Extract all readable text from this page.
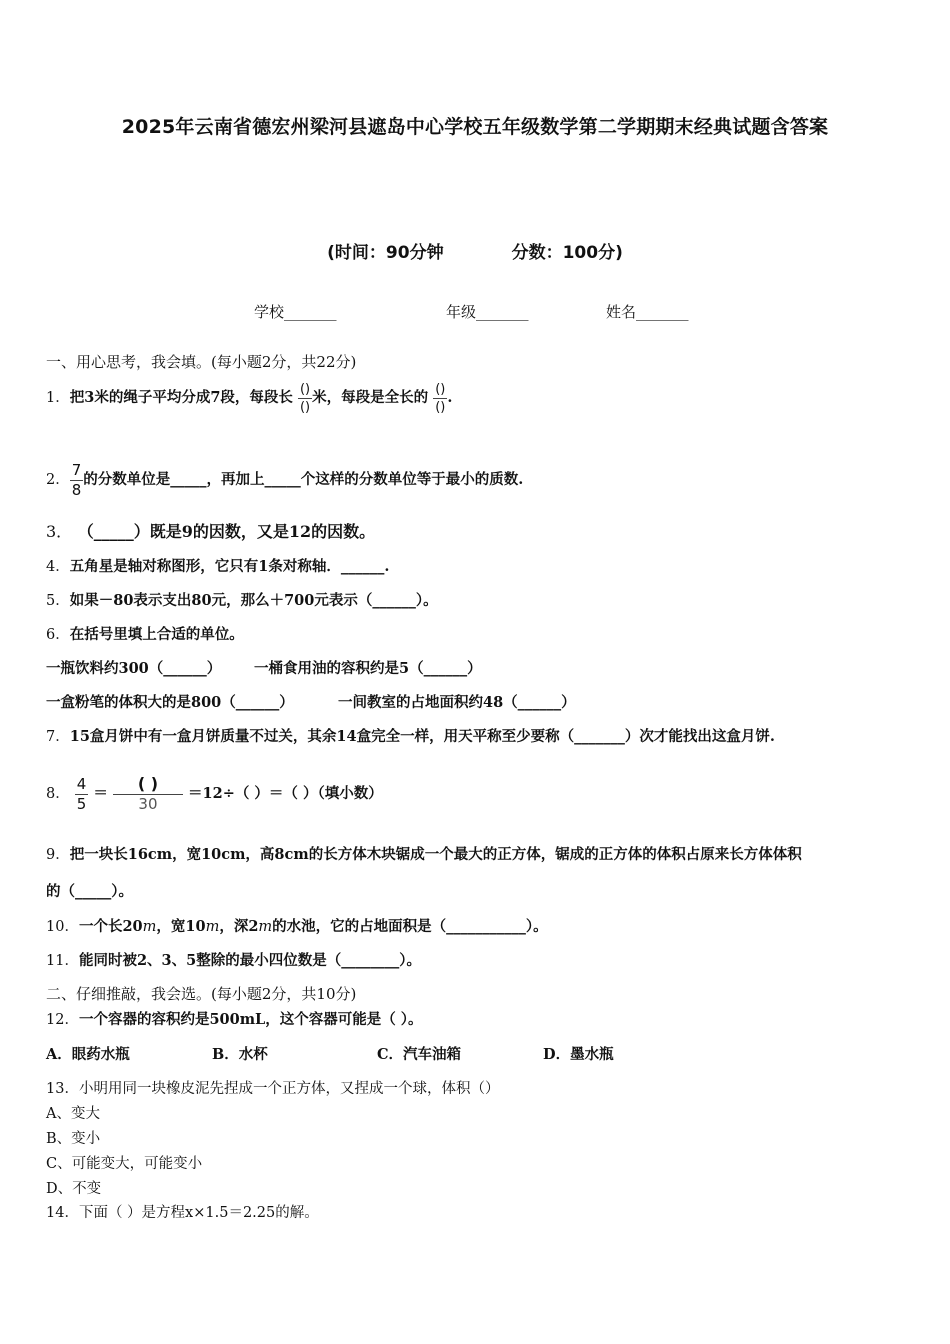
2025年云南省德宏州梁河县遮岛中心学校五年级数学第二学期期末经典试题含答案
(时间：90分钟	分数：100分)
学校_______	年级_______	姓名_______
一、用心思考，我会填。(每小题2分，共22分)
1．把3米的绳子平均分成7段，每段长 $\frac{()}{()}$ 米，每段是全长的 $\frac{()}{()}$ .
2． $\frac{7}{8}$ 的分数单位是_____，再加上_____个这样的分数单位等于最小的质数.
3． （_____）既是9的因数，又是12的因数。
4．五角星是轴对称图形，它只有1条对称轴．______.
5．如果－80表示支出80元，那么＋700元表示（______）。
6．在括号里填上合适的单位。
一瓶饮料约300（______） 一桶食用油的容积约是5（______）
一盒粉笔的体积大的是800（______）	一间教室的占地面积约48（______）
7．15盒月饼中有一盒月饼质量不过关，其余14盒完全一样，用天平称至少要称（_______）次才能找出这盒月饼.
8． $\frac{4}{5} = \frac{( )}{30} =12\div$（ ）＝（ ）（填小数）
9．把一块长16cm，宽10cm，高8cm的长方体木块锯成一个最大的正方体，锯成的正方体的体积占原来长方体体积
的（_____）。
10．一个长20m，宽10m，深2m的水池，它的占地面积是（___________）。
11．能同时被2、3、5整除的最小四位数是（________）。
二、仔细推敲，我会选。(每小题2分，共10分)
12．一个容器的容积约是500mL，这个容器可能是（ ）。
A．眼药水瓶	B．水杯	C．汽车油箱	D．墨水瓶
13．小明用同一块橡皮泥先捏成一个正方体，又捏成一个球，体积（）
A、变大
B、变小
C、可能变大，可能变小
D、不变
14．下面（ ）是方程x×1.5＝2.25的解。
